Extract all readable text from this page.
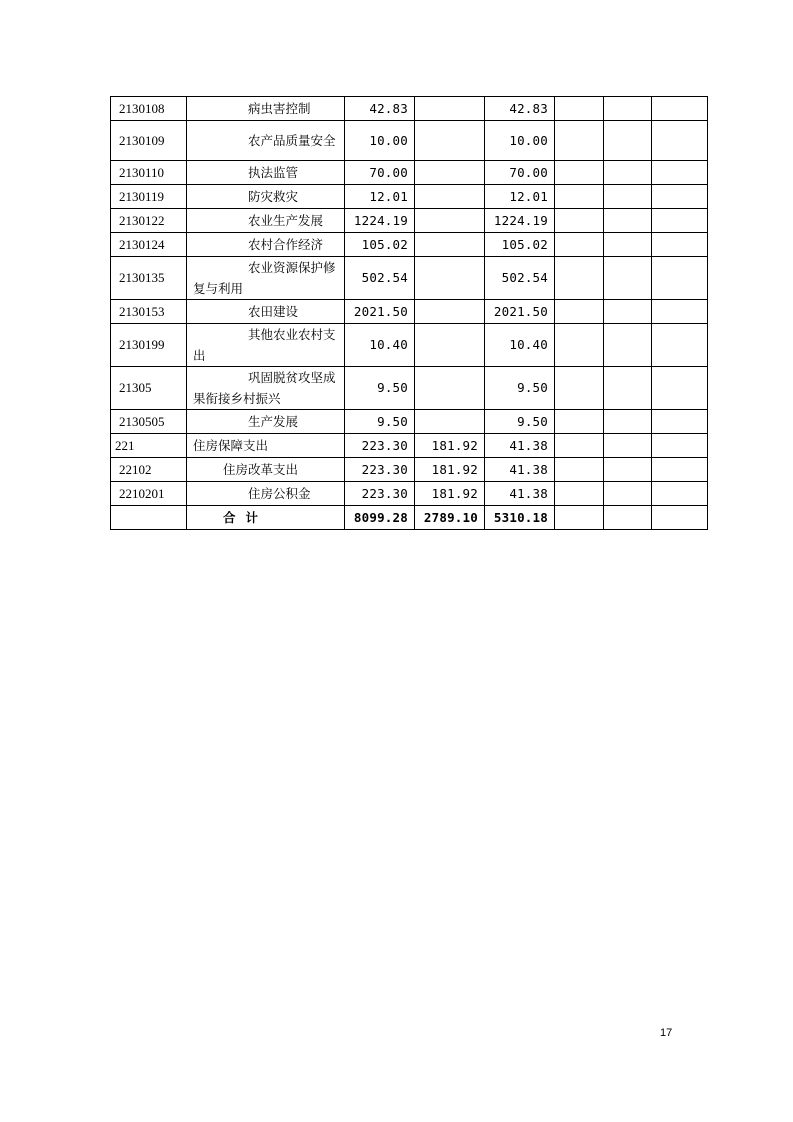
2130108	病虫害控制	42.83		42.83			
2130109	农产品质量安全	10.00		10.00			
2130110	执法监管	70.00		70.00			
2130119	防灾救灾	12.01		12.01			
2130122	农业生产发展	1224.19		1224.19			
2130124	农村合作经济	105.02		105.02			
2130135	农业资源保护修复与利用	502.54		502.54			
2130153	农田建设	2021.50		2021.50			
2130199	其他农业农村支出	10.40		10.40			
21305	巩固脱贫攻坚成果衔接乡村振兴	9.50		9.50			
2130505	生产发展	9.50		9.50			
221	住房保障支出	223.30	181.92	41.38			
22102	住房改革支出	223.30	181.92	41.38			
2210201	住房公积金	223.30	181.92	41.38			
	合计	8099.28	2789.10	5310.18			
17
